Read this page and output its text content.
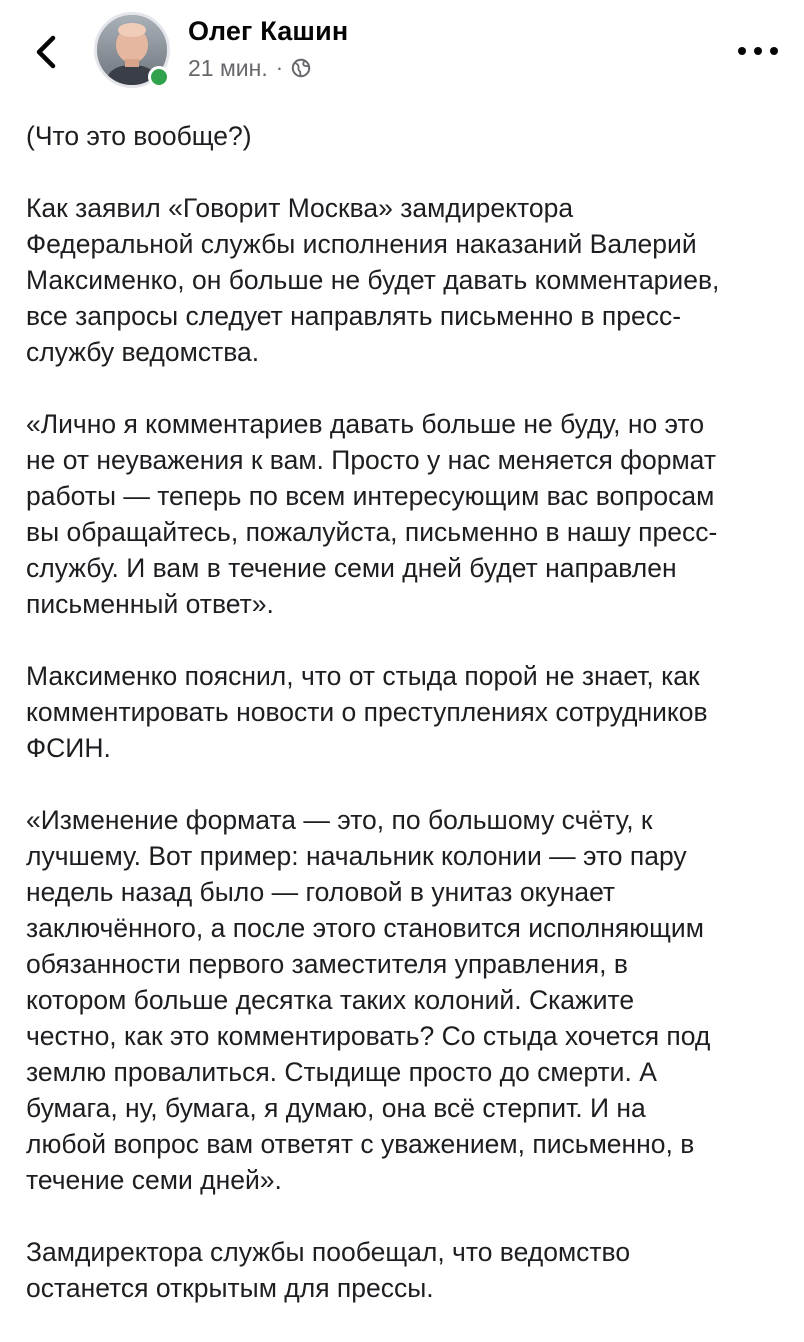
Олег Кашин
21 мин. ·

(Что это вообще?)

Как заявил «Говорит Москва» замдиректора
Федеральной службы исполнения наказаний Валерий
Максименко, он больше не будет давать комментариев,
все запросы следует направлять письменно в пресс-
службу ведомства.

«Лично я комментариев давать больше не буду, но это
не от неуважения к вам. Просто у нас меняется формат
работы — теперь по всем интересующим вас вопросам
вы обращайтесь, пожалуйста, письменно в нашу пресс-
службу. И вам в течение семи дней будет направлен
письменный ответ».

Максименко пояснил, что от стыда порой не знает, как
комментировать новости о преступлениях сотрудников
ФСИН.

«Изменение формата — это, по большому счёту, к
лучшему. Вот пример: начальник колонии — это пару
недель назад было — головой в унитаз окунает
заключённого, а после этого становится исполняющим
обязанности первого заместителя управления, в
котором больше десятка таких колоний. Скажите
честно, как это комментировать? Со стыда хочется под
землю провалиться. Стыдище просто до смерти. А
бумага, ну, бумага, я думаю, она всё стерпит. И на
любой вопрос вам ответят с уважением, письменно, в
течение семи дней».

Замдиректора службы пообещал, что ведомство
останется открытым для прессы.
